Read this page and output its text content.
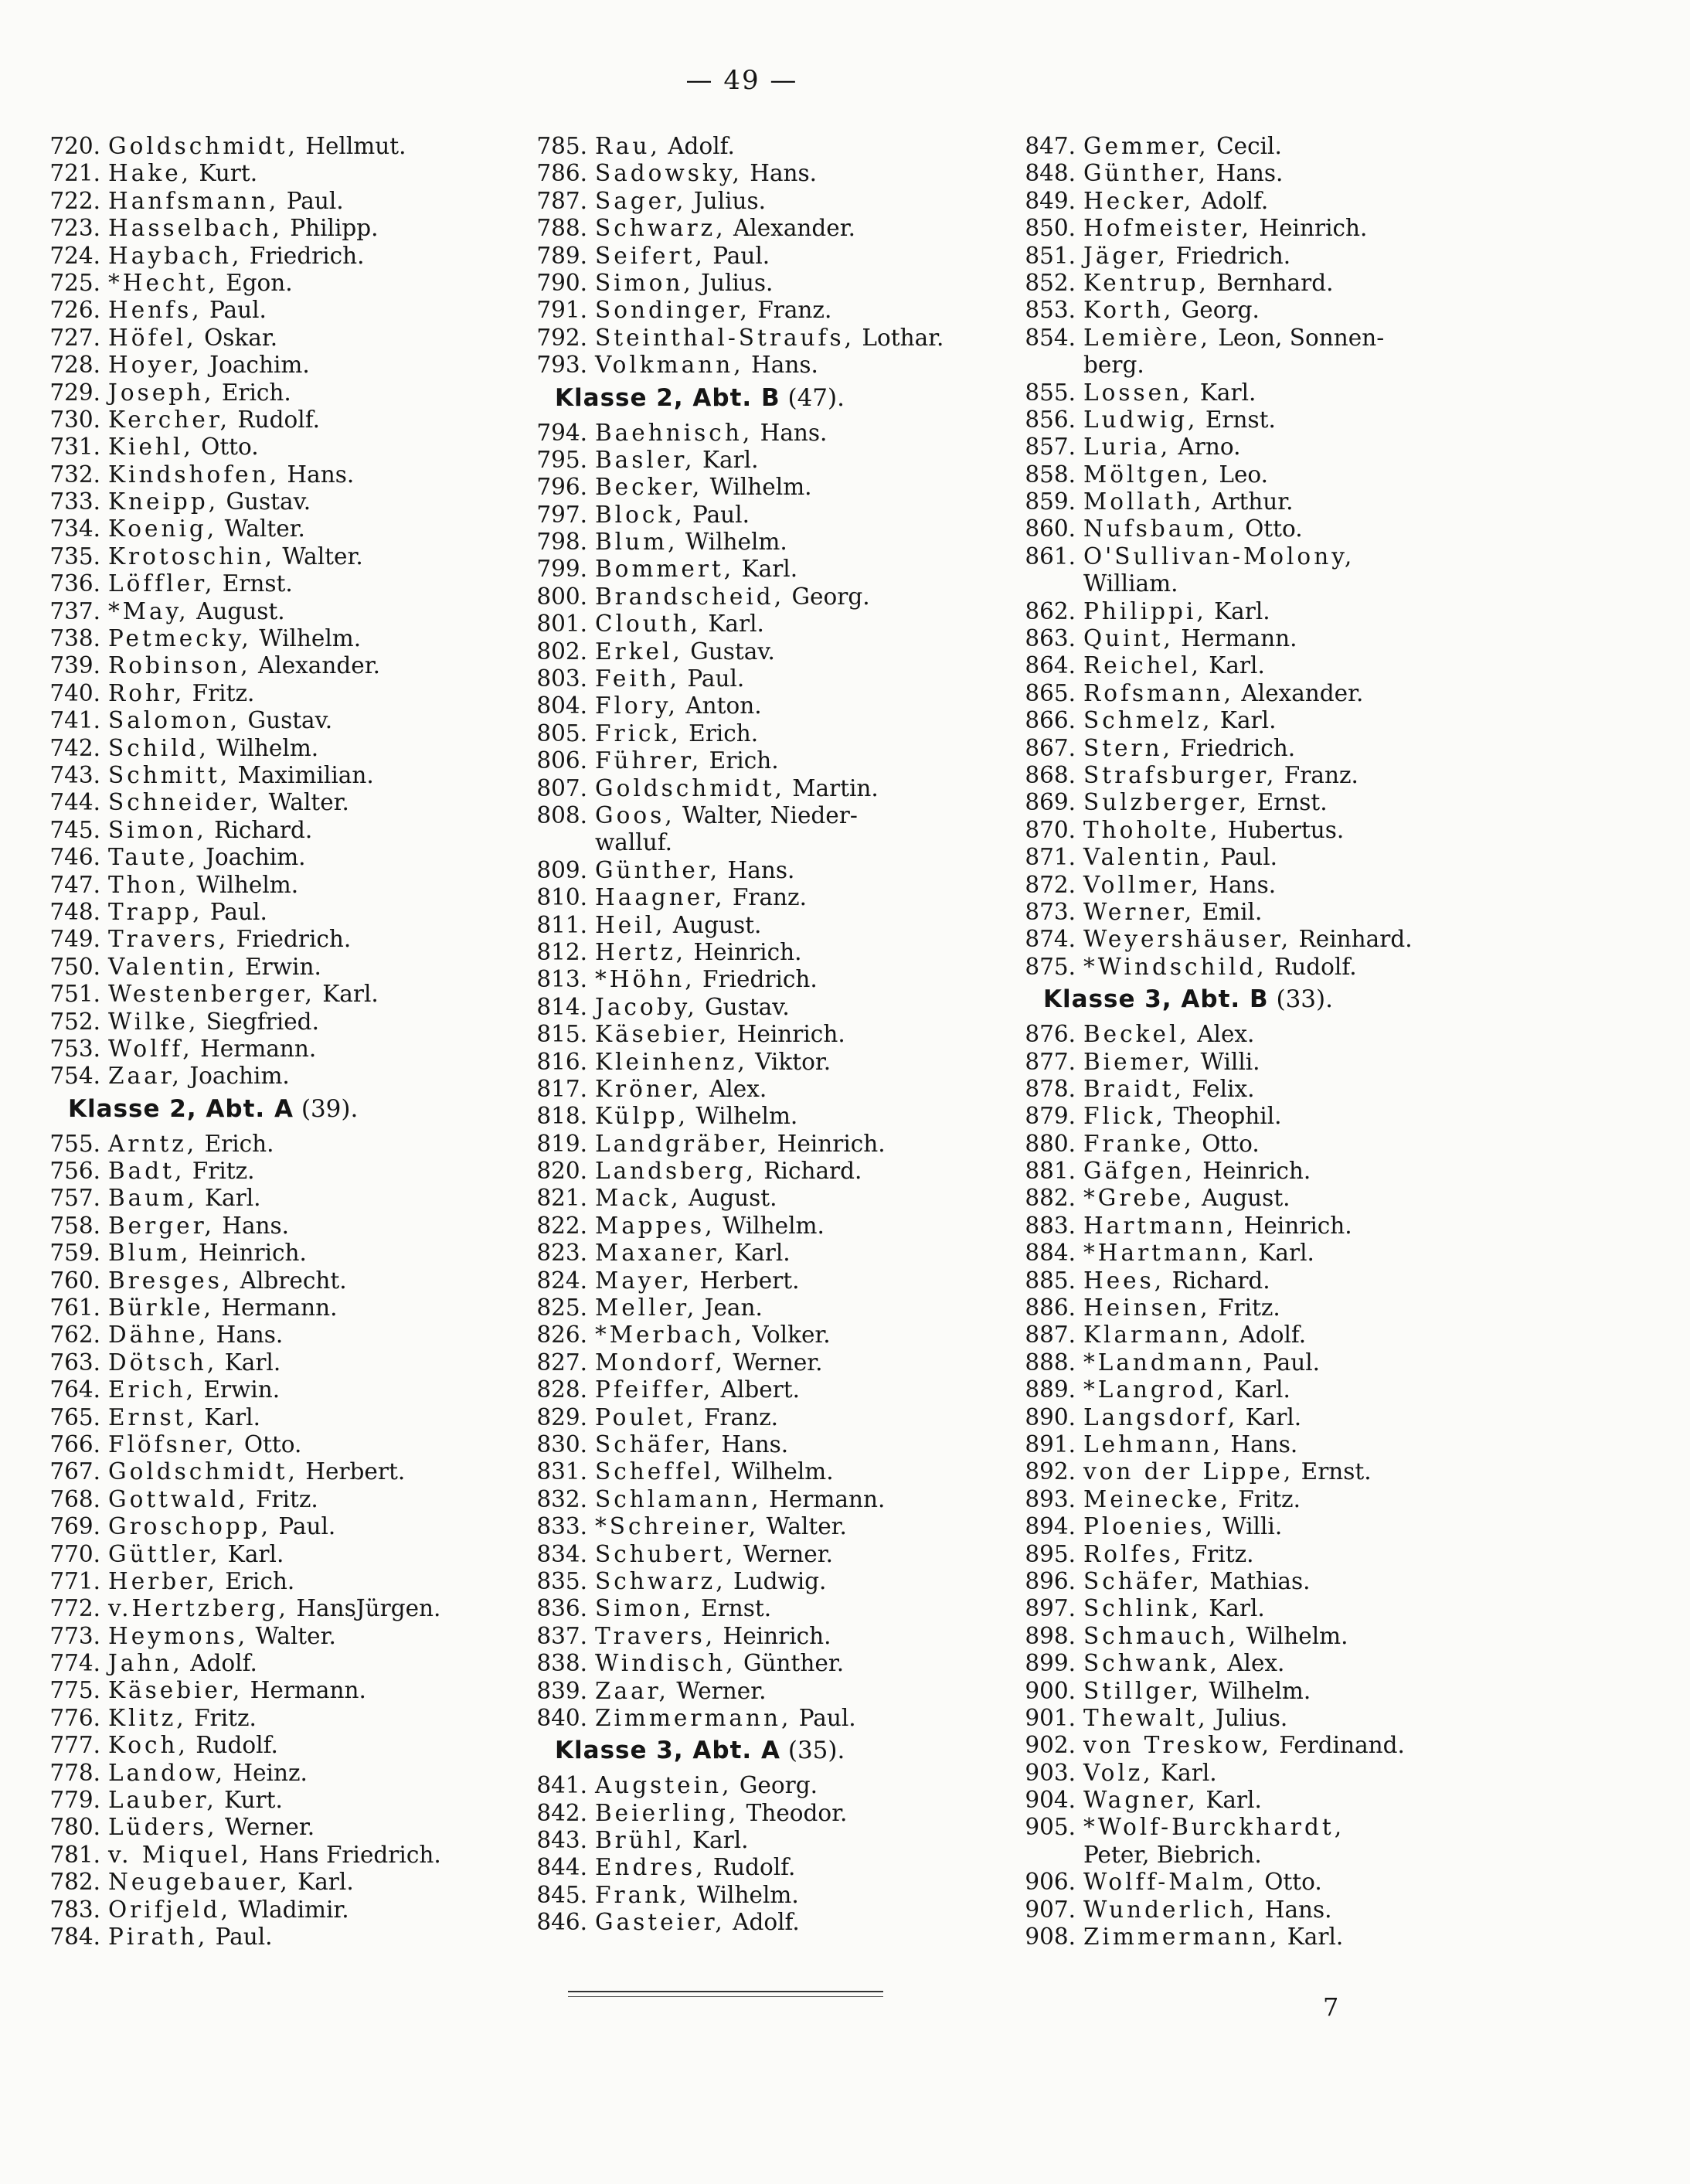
— 49 —
720. Goldschmidt, Hellmut.
721. Hake, Kurt.
722. Hanfsmann, Paul.
723. Hasselbach, Philipp.
724. Haybach, Friedrich.
725. *Hecht, Egon.
726. Henfs, Paul.
727. Höfel, Oskar.
728. Hoyer, Joachim.
729. Joseph, Erich.
730. Kercher, Rudolf.
731. Kiehl, Otto.
732. Kindshofen, Hans.
733. Kneipp, Gustav.
734. Koenig, Walter.
735. Krotoschin, Walter.
736. Löffler, Ernst.
737. *May, August.
738. Petmecky, Wilhelm.
739. Robinson, Alexander.
740. Rohr, Fritz.
741. Salomon, Gustav.
742. Schild, Wilhelm.
743. Schmitt, Maximilian.
744. Schneider, Walter.
745. Simon, Richard.
746. Taute, Joachim.
747. Thon, Wilhelm.
748. Trapp, Paul.
749. Travers, Friedrich.
750. Valentin, Erwin.
751. Westenberger, Karl.
752. Wilke, Siegfried.
753. Wolff, Hermann.
754. Zaar, Joachim.
Klasse 2, Abt. A (39).
755. Arntz, Erich.
756. Badt, Fritz.
757. Baum, Karl.
758. Berger, Hans.
759. Blum, Heinrich.
760. Bresges, Albrecht.
761. Bürkle, Hermann.
762. Dähne, Hans.
763. Dötsch, Karl.
764. Erich, Erwin.
765. Ernst, Karl.
766. Flöfsner, Otto.
767. Goldschmidt, Herbert.
768. Gottwald, Fritz.
769. Groschopp, Paul.
770. Güttler, Karl.
771. Herber, Erich.
772. v.Hertzberg, HansJürgen.
773. Heymons, Walter.
774. Jahn, Adolf.
775. Käsebier, Hermann.
776. Klitz, Fritz.
777. Koch, Rudolf.
778. Landow, Heinz.
779. Lauber, Kurt.
780. Lüders, Werner.
781. v. Miquel, Hans Friedrich.
782. Neugebauer, Karl.
783. Orifjeld, Wladimir.
784. Pirath, Paul.
785. Rau, Adolf.
786. Sadowsky, Hans.
787. Sager, Julius.
788. Schwarz, Alexander.
789. Seifert, Paul.
790. Simon, Julius.
791. Sondinger, Franz.
792. Steinthal-Straufs, Lothar.
793. Volkmann, Hans.
Klasse 2, Abt. B (47).
794. Baehnisch, Hans.
795. Basler, Karl.
796. Becker, Wilhelm.
797. Block, Paul.
798. Blum, Wilhelm.
799. Bommert, Karl.
800. Brandscheid, Georg.
801. Clouth, Karl.
802. Erkel, Gustav.
803. Feith, Paul.
804. Flory, Anton.
805. Frick, Erich.
806. Führer, Erich.
807. Goldschmidt, Martin.
808. Goos, Walter, Nieder-
walluf.
809. Günther, Hans.
810. Haagner, Franz.
811. Heil, August.
812. Hertz, Heinrich.
813. *Höhn, Friedrich.
814. Jacoby, Gustav.
815. Käsebier, Heinrich.
816. Kleinhenz, Viktor.
817. Kröner, Alex.
818. Külpp, Wilhelm.
819. Landgräber, Heinrich.
820. Landsberg, Richard.
821. Mack, August.
822. Mappes, Wilhelm.
823. Maxaner, Karl.
824. Mayer, Herbert.
825. Meller, Jean.
826. *Merbach, Volker.
827. Mondorf, Werner.
828. Pfeiffer, Albert.
829. Poulet, Franz.
830. Schäfer, Hans.
831. Scheffel, Wilhelm.
832. Schlamann, Hermann.
833. *Schreiner, Walter.
834. Schubert, Werner.
835. Schwarz, Ludwig.
836. Simon, Ernst.
837. Travers, Heinrich.
838. Windisch, Günther.
839. Zaar, Werner.
840. Zimmermann, Paul.
Klasse 3, Abt. A (35).
841. Augstein, Georg.
842. Beierling, Theodor.
843. Brühl, Karl.
844. Endres, Rudolf.
845. Frank, Wilhelm.
846. Gasteier, Adolf.
847. Gemmer, Cecil.
848. Günther, Hans.
849. Hecker, Adolf.
850. Hofmeister, Heinrich.
851. Jäger, Friedrich.
852. Kentrup, Bernhard.
853. Korth, Georg.
854. Lemière, Leon, Sonnen-
berg.
855. Lossen, Karl.
856. Ludwig, Ernst.
857. Luria, Arno.
858. Möltgen, Leo.
859. Mollath, Arthur.
860. Nufsbaum, Otto.
861. O'Sullivan-Molony,
William.
862. Philippi, Karl.
863. Quint, Hermann.
864. Reichel, Karl.
865. Rofsmann, Alexander.
866. Schmelz, Karl.
867. Stern, Friedrich.
868. Strafsburger, Franz.
869. Sulzberger, Ernst.
870. Thoholte, Hubertus.
871. Valentin, Paul.
872. Vollmer, Hans.
873. Werner, Emil.
874. Weyershäuser, Reinhard.
875. *Windschild, Rudolf.
Klasse 3, Abt. B (33).
876. Beckel, Alex.
877. Biemer, Willi.
878. Braidt, Felix.
879. Flick, Theophil.
880. Franke, Otto.
881. Gäfgen, Heinrich.
882. *Grebe, August.
883. Hartmann, Heinrich.
884. *Hartmann, Karl.
885. Hees, Richard.
886. Heinsen, Fritz.
887. Klarmann, Adolf.
888. *Landmann, Paul.
889. *Langrod, Karl.
890. Langsdorf, Karl.
891. Lehmann, Hans.
892. von der Lippe, Ernst.
893. Meinecke, Fritz.
894. Ploenies, Willi.
895. Rolfes, Fritz.
896. Schäfer, Mathias.
897. Schlink, Karl.
898. Schmauch, Wilhelm.
899. Schwank, Alex.
900. Stillger, Wilhelm.
901. Thewalt, Julius.
902. von Treskow, Ferdinand.
903. Volz, Karl.
904. Wagner, Karl.
905. *Wolf-Burckhardt,
Peter, Biebrich.
906. Wolff-Malm, Otto.
907. Wunderlich, Hans.
908. Zimmermann, Karl.
7
